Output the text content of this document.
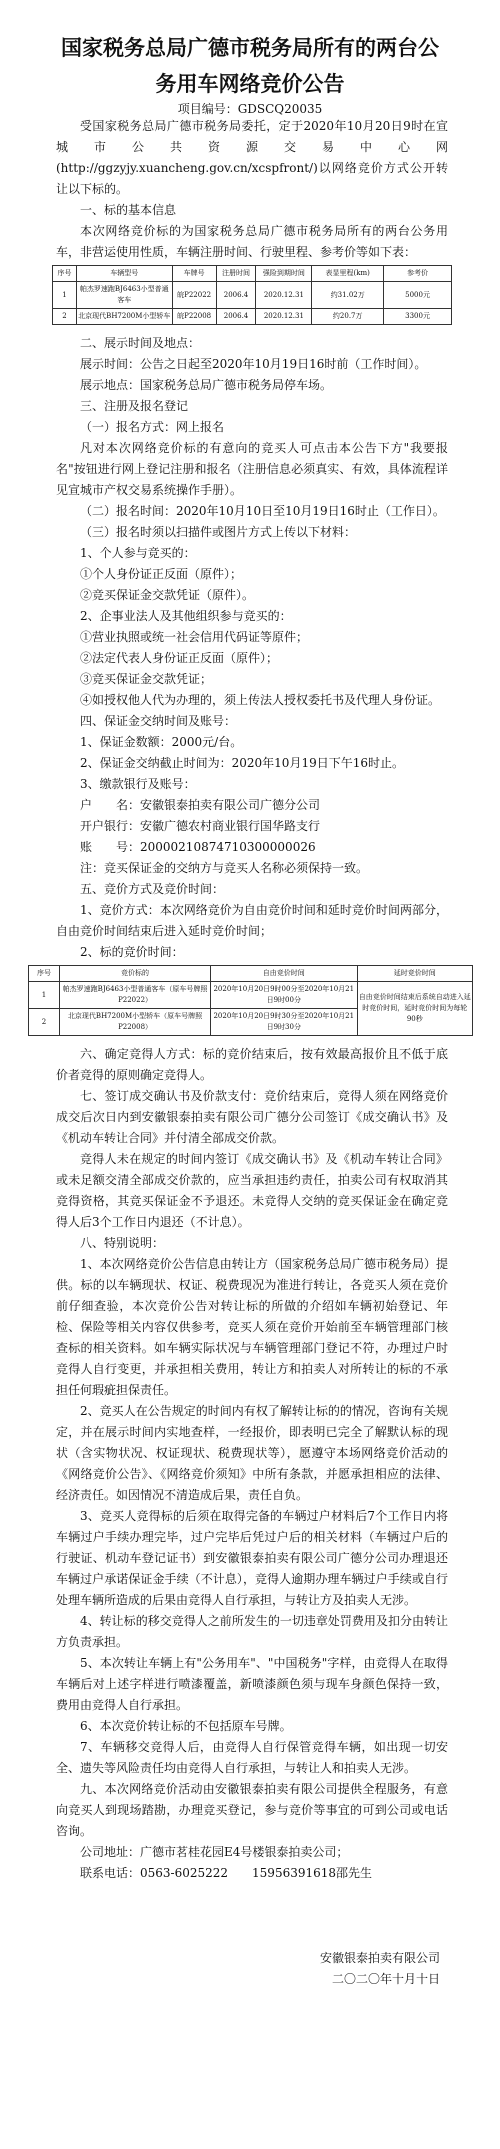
国家税务总局广德市税务局所有的两台公
务用车网络竞价公告
项目编号：GDSCQ20035

受国家税务总局广德市税务局委托，定于2020年10月20日9时在宣城市公共资源交易中心网(http://ggzyjy.xuancheng.gov.cn/xcspfront/)以网络竞价方式公开转让以下标的。

一、标的基本信息

本次网络竞价标的为国家税务总局广德市税务局所有的两台公务用车，非营运使用性质，车辆注册时间、行驶里程、参考价等如下表：

序号	车辆型号	车牌号	注册时间	强险到期时间	表显里程(km)	参考价
1	帕杰罗速跑BJ6463小型普通客车	皖P22022	2006.4	2020.12.31	约31.02万	5000元
2	北京现代BH7200M小型轿车	皖P22008	2006.4	2020.12.31	约20.7万	3300元

二、展示时间及地点：

展示时间：公告之日起至2020年10月19日16时前（工作时间）。

展示地点：国家税务总局广德市税务局停车场。

三、注册及报名登记

（一）报名方式：网上报名

凡对本次网络竞价标的有意向的竞买人可点击本公告下方"我要报名"按钮进行网上登记注册和报名（注册信息必须真实、有效，具体流程详见宣城市产权交易系统操作手册）。

（二）报名时间：2020年10月10日至10月19日16时止（工作日）。

（三）报名时须以扫描件或图片方式上传以下材料：

1、个人参与竞买的：

①个人身份证正反面（原件）；

②竞买保证金交款凭证（原件）。

2、企事业法人及其他组织参与竞买的：

①营业执照或统一社会信用代码证等原件；

②法定代表人身份证正反面（原件）；

③竞买保证金交款凭证；

④如授权他人代为办理的，须上传法人授权委托书及代理人身份证。

四、保证金交纳时间及账号：

1、保证金数额：2000元/台。

2、保证金交纳截止时间为：2020年10月19日下午16时止。

3、缴款银行及账号：

户　　名：安徽银泰拍卖有限公司广德分公司

开户银行：安徽广德农村商业银行国华路支行

账　　号：20000210874710300000026

注：竞买保证金的交纳方与竞买人名称必须保持一致。

五、竞价方式及竞价时间：

1、竞价方式：本次网络竞价为自由竞价时间和延时竞价时间两部分，自由竞价时间结束后进入延时竞价时间；

2、标的竞价时间：

序号	竞价标的	自由竞价时间	延时竞价时间
1	帕杰罗速跑BJ6463小型普通客车（原车号牌照P22022）	2020年10月20日9时00分至2020年10月21日9时00分	自由竞价时间结束后系统自动进入延时竞价时间，延时竞价时间为每轮90秒
2	北京现代BH7200M小型轿车（原车号牌照P22008）	2020年10月20日9时30分至2020年10月21日9时30分	

六、确定竞得人方式：标的竞价结束后，按有效最高报价且不低于底价者竞得的原则确定竞得人。

七、签订成交确认书及价款支付：竞价结束后，竞得人须在网络竞价成交后次日内到安徽银泰拍卖有限公司广德分公司签订《成交确认书》及《机动车转让合同》并付清全部成交价款。

竞得人未在规定的时间内签订《成交确认书》及《机动车转让合同》或未足额交清全部成交价款的，应当承担违约责任，拍卖公司有权取消其竞得资格，其竞买保证金不予退还。未竞得人交纳的竞买保证金在确定竞得人后3个工作日内退还（不计息）。

八、特别说明：

1、本次网络竞价公告信息由转让方（国家税务总局广德市税务局）提供。标的以车辆现状、权证、税费现况为准进行转让，各竞买人须在竞价前仔细查验，本次竞价公告对转让标的所做的介绍如车辆初始登记、年检、保险等相关内容仅供参考，竞买人须在竞价开始前至车辆管理部门核查标的相关资料。如车辆实际状况与车辆管理部门登记不符，办理过户时竞得人自行变更，并承担相关费用，转让方和拍卖人对所转让的标的不承担任何瑕疵担保责任。

2、竞买人在公告规定的时间内有权了解转让标的的情况，咨询有关规定，并在展示时间内实地查样，一经报价，即表明已完全了解默认标的现状（含实物状况、权证现状、税费现状等），愿遵守本场网络竞价活动的《网络竞价公告》、《网络竞价须知》中所有条款，并愿承担相应的法律、经济责任。如因情况不清造成后果，责任自负。

3、竞买人竞得标的后须在取得完备的车辆过户材料后7个工作日内将车辆过户手续办理完毕，过户完毕后凭过户后的相关材料（车辆过户后的行驶证、机动车登记证书）到安徽银泰拍卖有限公司广德分公司办理退还车辆过户承诺保证金手续（不计息），竞得人逾期办理车辆过户手续或自行处理车辆所造成的后果由竞得人自行承担，与转让方及拍卖人无涉。

4、转让标的移交竞得人之前所发生的一切违章处罚费用及扣分由转让方负责承担。

5、本次转让车辆上有"公务用车"、"中国税务"字样，由竞得人在取得车辆后对上述字样进行喷漆覆盖，新喷漆颜色须与现车身颜色保持一致，费用由竞得人自行承担。

6、本次竞价转让标的不包括原车号牌。

7、车辆移交竞得人后，由竞得人自行保管竞得车辆，如出现一切安全、遗失等风险责任均由竞得人自行承担，与转让人和拍卖人无涉。

九、本次网络竞价活动由安徽银泰拍卖有限公司提供全程服务，有意向竞买人到现场踏勘，办理竞买登记，参与竞价等事宜的可到公司或电话咨询。

公司地址：广德市茗桂花园E4号楼银泰拍卖公司；

联系电话：0563-6025222　　15956391618邵先生

安徽银泰拍卖有限公司

二〇二〇年十月十日
